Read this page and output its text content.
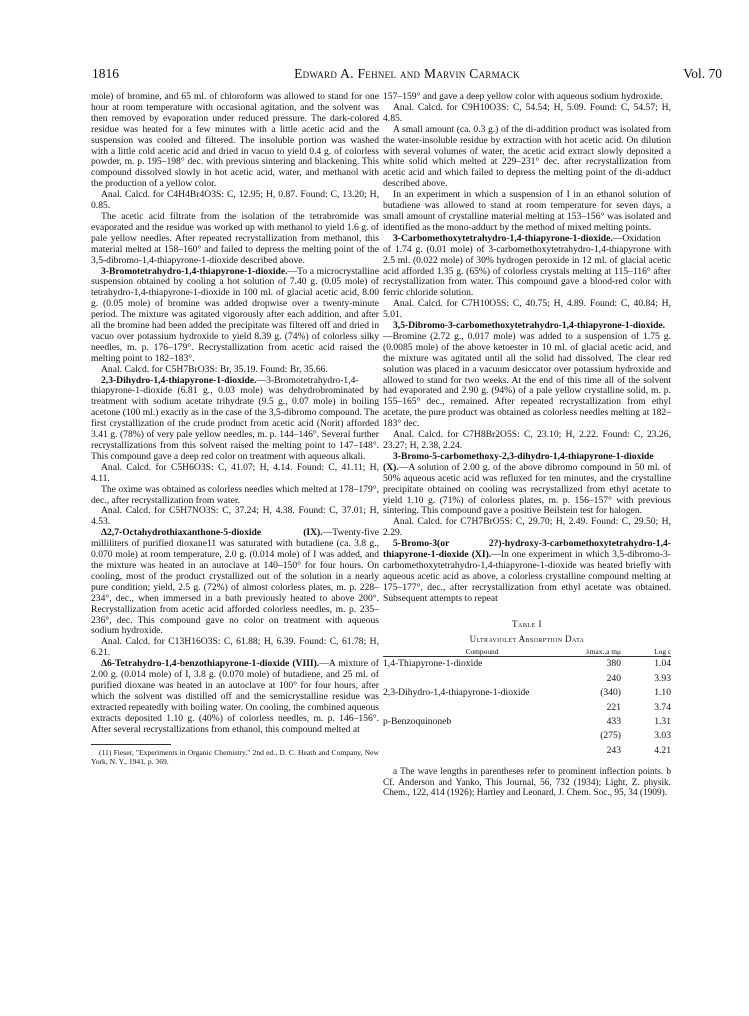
1816	Edward A. Fehnel and Marvin Carmack	Vol. 70

mole) of bromine, and 65 ml. of chloroform was allowed to stand for one hour at room temperature with occasional agitation, and the solvent was then removed by evaporation under reduced pressure. The dark-colored residue was heated for a few minutes with a little acetic acid and the suspension was cooled and filtered. The insoluble portion was washed with a little cold acetic acid and dried in vacuo to yield 0.4 g. of colorless powder, m. p. 195–198° dec. with previous sintering and blackening. This compound dissolved slowly in hot acetic acid, water, and methanol with the production of a yellow color.

Anal. Calcd. for C4H4Br4O3S: C, 12.95; H, 0.87. Found: C, 13.20; H, 0.85.

The acetic acid filtrate from the isolation of the tetrabromide was evaporated and the residue was worked up with methanol to yield 1.6 g. of pale yellow needles. After repeated recrystallization from methanol, this material melted at 158–160° and failed to depress the melting point of the 3,5-dibromo-1,4-thiapyrone-1-dioxide described above.

3-Bromotetrahydro-1,4-thiapyrone-1-dioxide.—To a microcrystalline suspension obtained by cooling a hot solution of 7.40 g. (0.05 mole) of tetrahydro-1,4-thiapyrone-1-dioxide in 100 ml. of glacial acetic acid, 8.00 g. (0.05 mole) of bromine was added dropwise over a twenty-minute period. The mixture was agitated vigorously after each addition, and after all the bromine had been added the precipitate was filtered off and dried in vacuo over potassium hydroxide to yield 8.39 g. (74%) of colorless silky needles, m. p. 176–179°. Recrystallization from acetic acid raised the melting point to 182–183°.

Anal. Calcd. for C5H7BrO3S: Br, 35.19. Found: Br, 35.66.

2,3-Dihydro-1,4-thiapyrone-1-dioxide.—3-Bromotetrahydro-1,4-thiapyrone-1-dioxide (6.81 g., 0.03 mole) was dehydrobrominated by treatment with sodium acetate trihydrate (9.5 g., 0.07 mole) in boiling acetone (100 ml.) exactly as in the case of the 3,5-dibromo compound. The first crystallization of the crude product from acetic acid (Norit) afforded 3.41 g. (78%) of very pale yellow needles, m. p. 144–146°. Several further recrystallizations from this solvent raised the melting point to 147–148°. This compound gave a deep red color on treatment with aqueous alkali.

Anal. Calcd. for C5H6O3S: C, 41.07; H, 4.14. Found: C, 41.11; H, 4.11.

The oxime was obtained as colorless needles which melted at 178–179°, dec., after recrystallization from water.

Anal. Calcd. for C5H7NO3S: C, 37.24; H, 4.38. Found: C, 37.01; H, 4.53.

Δ2,7-Octahydrothiaxanthone-5-dioxide (IX).—Twenty-five milliliters of purified dioxane11 was saturated with butadiene (ca. 3.8 g., 0.070 mole) at room temperature, 2.0 g. (0.014 mole) of I was added, and the mixture was heated in an autoclave at 140–150° for four hours. On cooling, most of the product crystallized out of the solution in a nearly pure condition; yield, 2.5 g. (72%) of almost colorless plates, m. p. 228–234°, dec., when immersed in a bath previously heated to above 200°. Recrystallization from acetic acid afforded colorless needles, m. p. 235–236°, dec. This compound gave no color on treatment with aqueous sodium hydroxide.

Anal. Calcd. for C13H16O3S: C, 61.88; H, 6.39. Found: C, 61.78; H, 6.21.

Δ6-Tetrahydro-1,4-benzothiapyrone-1-dioxide (VIII).—A mixture of 2.00 g. (0.014 mole) of I, 3.8 g. (0.070 mole) of butadiene, and 25 ml. of purified dioxane was heated in an autoclave at 100° for four hours, after which the solvent was distilled off and the semicrystalline residue was extracted repeatedly with boiling water. On cooling, the combined aqueous extracts deposited 1.10 g. (40%) of colorless needles, m. p. 146–156°. After several recrystallizations from ethanol, this compound melted at

(11) Fieser, "Experiments in Organic Chemistry," 2nd ed., D. C. Heath and Company, New York, N. Y., 1941, p. 369.

157–159° and gave a deep yellow color with aqueous sodium hydroxide.

Anal. Calcd. for C9H10O3S: C, 54.54; H, 5.09. Found: C, 54.57; H, 4.85.

A small amount (ca. 0.3 g.) of the di-addition product was isolated from the water-insoluble residue by extraction with hot acetic acid. On dilution with several volumes of water, the acetic acid extract slowly deposited a white solid which melted at 229–231° dec. after recrystallization from acetic acid and which failed to depress the melting point of the di-adduct described above.

In an experiment in which a suspension of I in an ethanol solution of butadiene was allowed to stand at room temperature for seven days, a small amount of crystalline material melting at 153–156° was isolated and identified as the mono-adduct by the method of mixed melting points.

3-Carbomethoxytetrahydro-1,4-thiapyrone-1-dioxide.—Oxidation of 1.74 g. (0.01 mole) of 3-carbomethoxytetrahydro-1,4-thiapyrone with 2.5 ml. (0.022 mole) of 30% hydrogen peroxide in 12 ml. of glacial acetic acid afforded 1.35 g. (65%) of colorless crystals melting at 115–116° after recrystallization from water. This compound gave a blood-red color with ferric chloride solution.

Anal. Calcd. for C7H10O5S: C, 40.75; H, 4.89. Found: C, 40.84; H, 5.01.

3,5-Dibromo-3-carbomethoxytetrahydro-1,4-thiapyrone-1-dioxide.—Bromine (2.72 g., 0.017 mole) was added to a suspension of 1.75 g. (0.0085 mole) of the above ketoester in 10 ml. of glacial acetic acid, and the mixture was agitated until all the solid had dissolved. The clear red solution was placed in a vacuum desiccator over potassium hydroxide and allowed to stand for two weeks. At the end of this time all of the solvent had evaporated and 2.90 g. (94%) of a pale yellow crystalline solid, m. p. 155–165° dec., remained. After repeated recrystallization from ethyl acetate, the pure product was obtained as colorless needles melting at 182–183° dec.

Anal. Calcd. for C7H8Br2O5S: C, 23.10; H, 2.22. Found: C, 23.26, 23.27; H, 2.38, 2.24.

3-Bromo-5-carbomethoxy-2,3-dihydro-1,4-thiapyrone-1-dioxide (X).—A solution of 2.00 g. of the above dibromo compound in 50 ml. of 50% aqueous acetic acid was refluxed for ten minutes, and the crystalline precipitate obtained on cooling was recrystallized from ethyl acetate to yield 1.10 g. (71%) of colorless plates, m. p. 156–157° with previous sintering. This compound gave a positive Beilstein test for halogen.

Anal. Calcd. for C7H7BrO5S: C, 29.70; H, 2.49. Found: C, 29.50; H, 2.29.

5-Bromo-3(or 2?)-hydroxy-3-carbomethoxytetrahydro-1,4-thiapyrone-1-dioxide (XI).—In one experiment in which 3,5-dibromo-3-carbomethoxytetrahydro-1,4-thiapyrone-1-dioxide was heated briefly with aqueous acetic acid as above, a colorless crystalline compound melting at 175–177°, dec., after recrystallization from ethyl acetate was obtained. Subsequent attempts to repeat

Table I
Ultraviolet Absorption Data
Compound	λmax.,a mμ	Log ε
1,4-Thiapyrone-1-dioxide	380	1.04
	240	3.93
2,3-Dihydro-1,4-thiapyrone-1-dioxide	(340)	1.10
	221	3.74
p-Benzoquinoneb	433	1.31
	(275)	3.03
	243	4.21
a The wave lengths in parentheses refer to prominent inflection points. b Cf. Anderson and Yanko, This Journal, 56, 732 (1934); Light, Z. physik. Chem., 122, 414 (1926); Hartley and Leonard, J. Chem. Soc., 95, 34 (1909).
